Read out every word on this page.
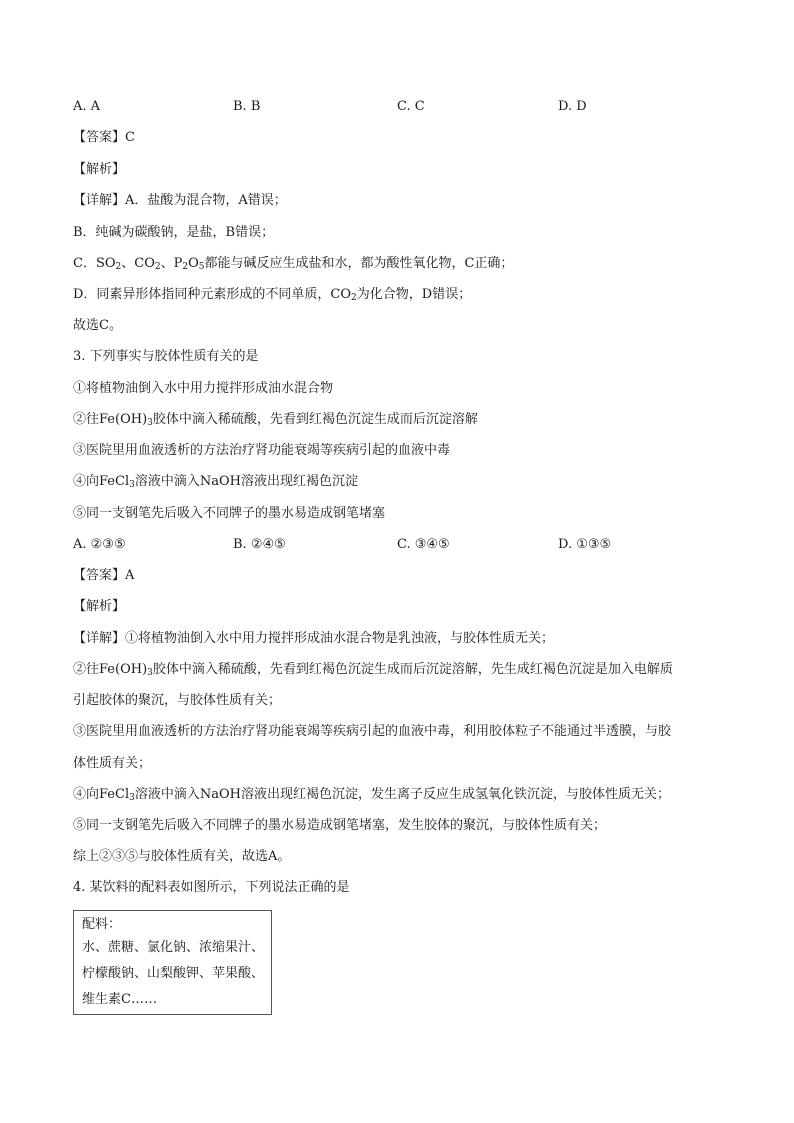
A. A	B. B	C. C	D. D
【答案】C
【解析】
【详解】A．盐酸为混合物，A错误；
B．纯碱为碳酸钠，是盐，B错误；
C．$SO_2$、$CO_2$、$P_2O_5$都能与碱反应生成盐和水，都为酸性氧化物，C正确；
D．同素异形体指同种元素形成的不同单质，$CO_2$为化合物，D错误；
故选C。
3. 下列事实与胶体性质有关的是
①将植物油倒入水中用力搅拌形成油水混合物
②往$Fe(OH)_3$胶体中滴入稀硫酸，先看到红褐色沉淀生成而后沉淀溶解
③医院里用血液透析的方法治疗肾功能衰竭等疾病引起的血液中毒
④向FeCl$_3$溶液中滴入NaOH溶液出现红褐色沉淀
⑤同一支钢笔先后吸入不同牌子的墨水易造成钢笔堵塞
A. ②③⑤	B. ②④⑤	C. ③④⑤	D. ①③⑤
【答案】A
【解析】
【详解】①将植物油倒入水中用力搅拌形成油水混合物是乳浊液，与胶体性质无关；
②往$Fe(OH)_3$胶体中滴入稀硫酸，先看到红褐色沉淀生成而后沉淀溶解，先生成红褐色沉淀是加入电解质
引起胶体的聚沉，与胶体性质有关；
③医院里用血液透析的方法治疗肾功能衰竭等疾病引起的血液中毒，利用胶体粒子不能通过半透膜，与胶
体性质有关；
④向FeCl$_3$溶液中滴入NaOH溶液出现红褐色沉淀，发生离子反应生成氢氧化铁沉淀，与胶体性质无关；
⑤同一支钢笔先后吸入不同牌子的墨水易造成钢笔堵塞，发生胶体的聚沉，与胶体性质有关；
综上②③⑤与胶体性质有关，故选A。
4. 某饮料的配料表如图所示，下列说法正确的是
配料：
水、蔗糖、氯化钠、浓缩果汁、
柠檬酸钠、山梨酸钾、苹果酸、
维生素C……
